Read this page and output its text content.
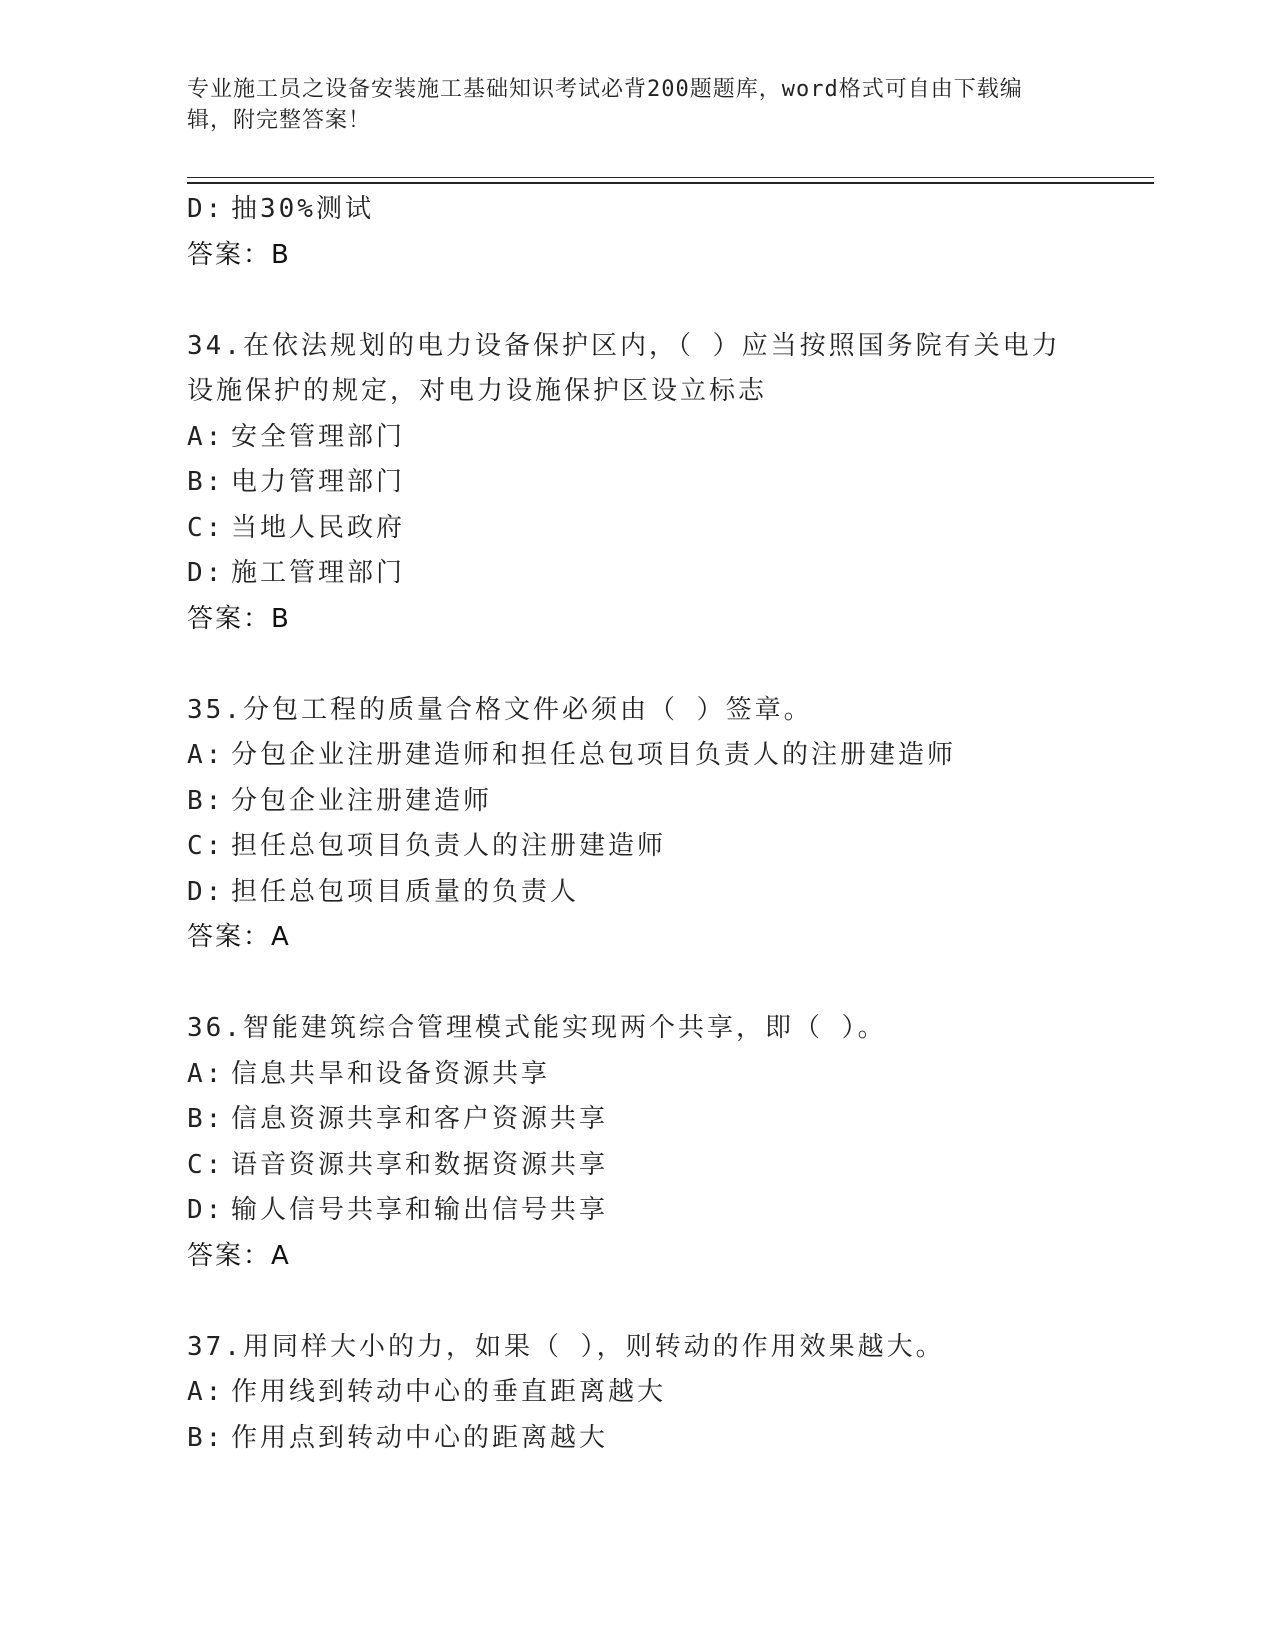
专业施工员之设备安装施工基础知识考试必背200题题库，word格式可自由下载编辑，附完整答案！
D: 抽30%测试
答案：B
34.在依法规划的电力设备保护区内，（ ）应当按照国务院有关电力设施保护的规定，对电力设施保护区设立标志
A: 安全管理部门
B: 电力管理部门
C: 当地人民政府
D: 施工管理部门
答案：B
35.分包工程的质量合格文件必须由（ ）签章。
A: 分包企业注册建造师和担任总包项目负责人的注册建造师
B: 分包企业注册建造师
C: 担任总包项目负责人的注册建造师
D: 担任总包项目质量的负责人
答案：A
36.智能建筑综合管理模式能实现两个共享，即（ ）。
A: 信息共旱和设备资源共享
B: 信息资源共享和客户资源共享
C: 语音资源共享和数据资源共享
D: 输人信号共享和输出信号共享
答案：A
37.用同样大小的力，如果（ ），则转动的作用效果越大。
A: 作用线到转动中心的垂直距离越大
B: 作用点到转动中心的距离越大
